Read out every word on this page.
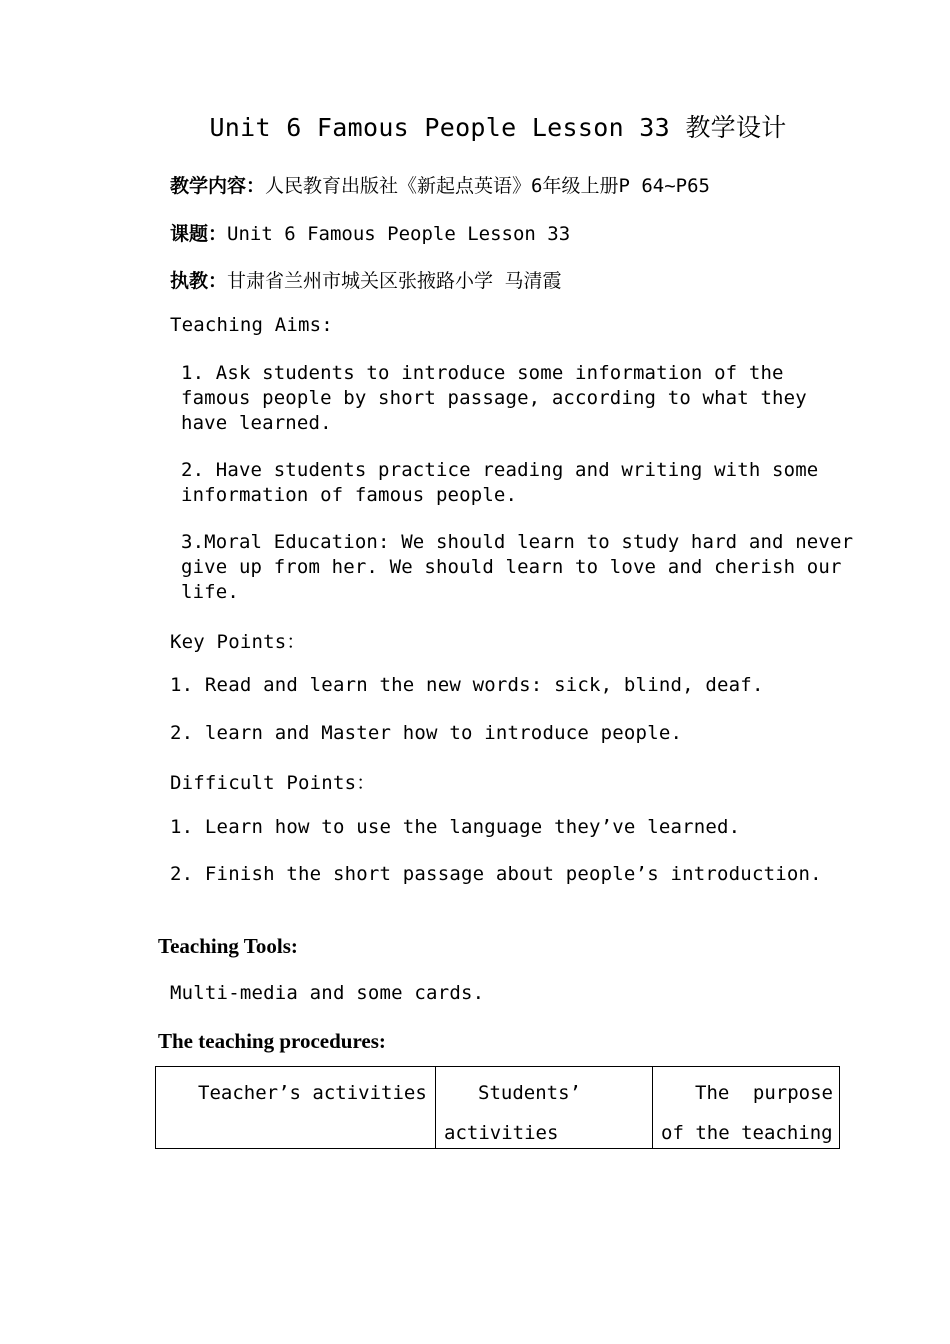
Unit 6 Famous People Lesson 33 教学设计
教学内容：人民教育出版社《新起点英语》6年级上册P 64~P65
课题：Unit 6 Famous People Lesson 33
执教：甘肃省兰州市城关区张掖路小学 马清霞
Teaching Aims:
1. Ask students to introduce some information of the famous people by short passage, according to what they have learned.
2. Have students practice reading and writing with some information of famous people.
3.Moral Education: We should learn to study hard and never give up from her. We should learn to love and cherish our life.
Key Points：
1. Read and learn the new words: sick, blind, deaf.
2. learn and Master how to introduce people.
Difficult Points：
1. Learn how to use the language they’ve learned.
2. Finish the short passage about people’s introduction.
Teaching Tools:
Multi-media and some cards.
The teaching procedures:
Teacher’s activities	Students’ activities
The purpose of the teaching
